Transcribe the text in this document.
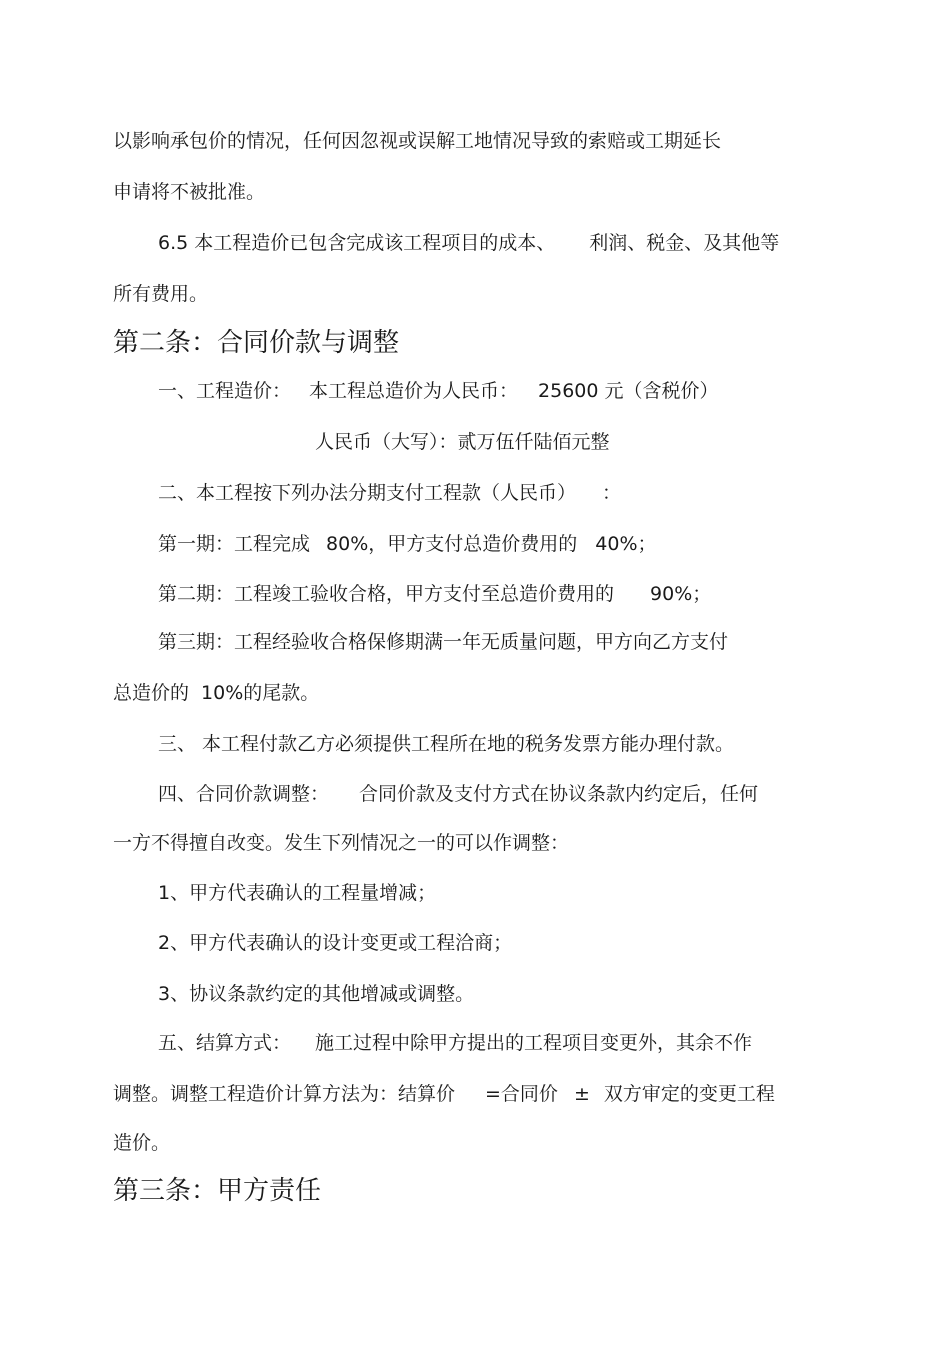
以影响承包价的情况，任何因忽视或误解工地情况导致的索赔或工期延长
申请将不被批准。
6.5 本工程造价已包含完成该工程项目的成本、 利润、税金、及其他等
所有费用。
第二条：合同价款与调整
一、工程造价： 本工程总造价为人民币： 25600 元（含税价）
人民币（大写）：贰万伍仟陆佰元整
二、本工程按下列办法分期支付工程款（人民币） ：
第一期：工程完成 80%，甲方支付总造价费用的 40%；
第二期：工程竣工验收合格，甲方支付至总造价费用的 90%；
第三期：工程经验收合格保修期满一年无质量问题，甲方向乙方支付
总造价的 10%的尾款。
三、 本工程付款乙方必须提供工程所在地的税务发票方能办理付款。
四、合同价款调整： 合同价款及支付方式在协议条款内约定后，任何
一方不得擅自改变。发生下列情况之一的可以作调整：
1、甲方代表确认的工程量增减；
2、甲方代表确认的设计变更或工程洽商；
3、协议条款约定的其他增减或调整。
五、结算方式： 施工过程中除甲方提出的工程项目变更外，其余不作
调整。调整工程造价计算方法为：结算价 =合同价 ± 双方审定的变更工程
造价。
第三条：甲方责任
